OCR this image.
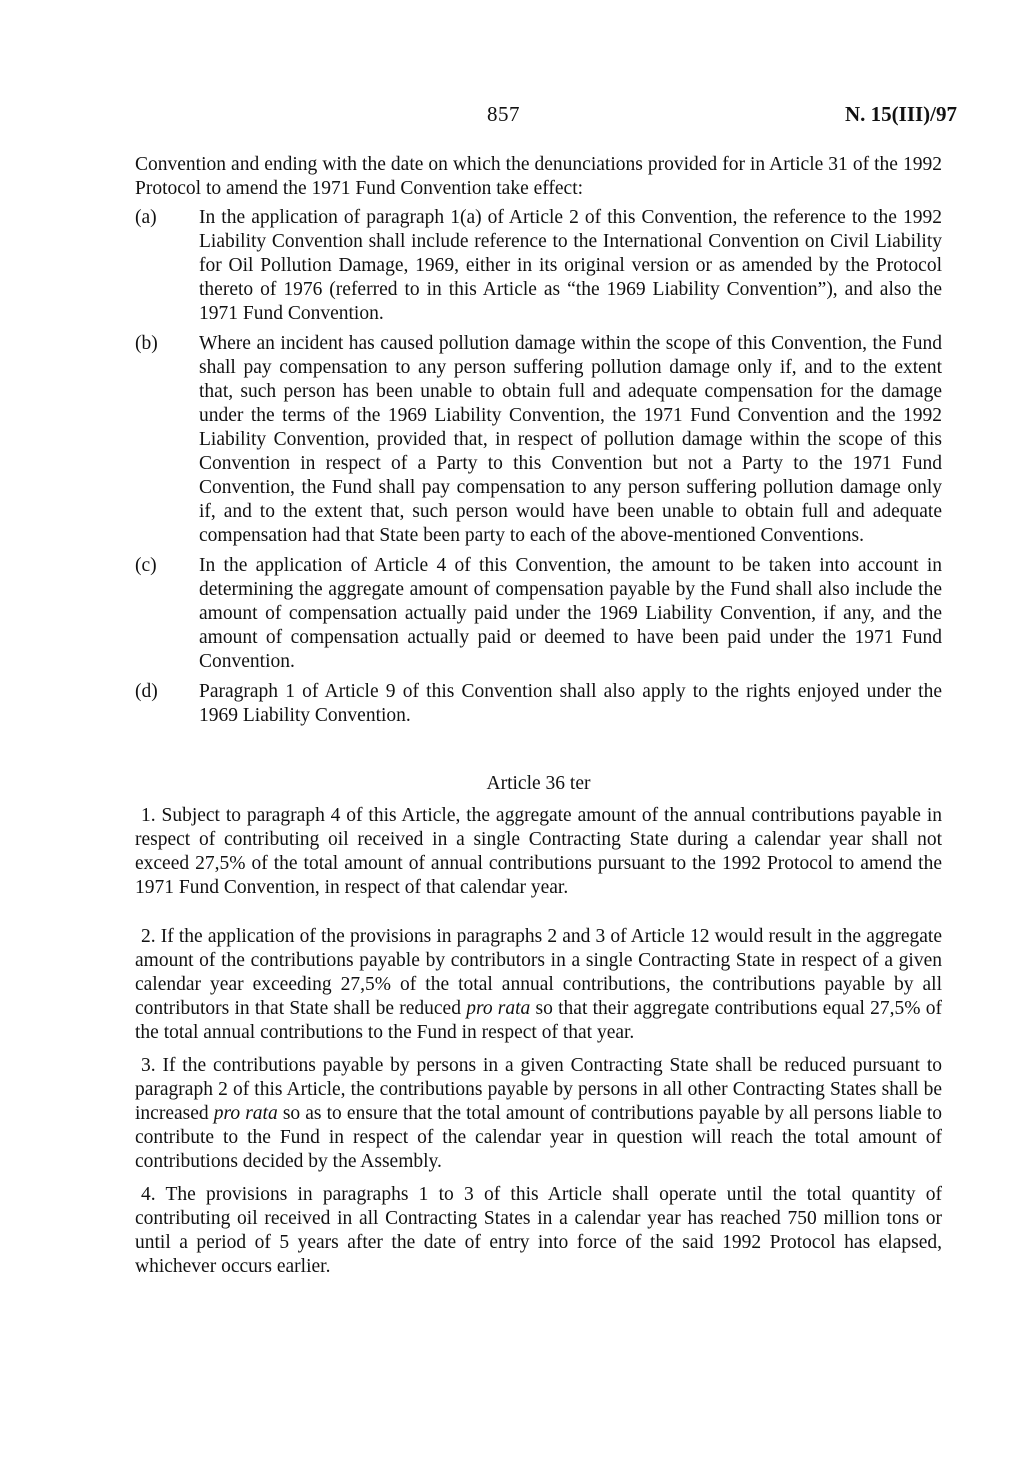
857	N. 15(III)/97

Convention and ending with the date on which the denunciations provided for in Article 31 of the 1992 Protocol to amend the 1971 Fund Convention take effect:

(a) In the application of paragraph 1(a) of Article 2 of this Convention, the reference to the 1992 Liability Convention shall include reference to the International Convention on Civil Liability for Oil Pollution Damage, 1969, either in its original version or as amended by the Protocol thereto of 1976 (referred to in this Article as “the 1969 Liability Convention”), and also the 1971 Fund Convention.
(b) Where an incident has caused pollution damage within the scope of this Convention, the Fund shall pay compensation to any person suffering pollution damage only if, and to the extent that, such person has been unable to obtain full and adequate compensation for the damage under the terms of the 1969 Liability Convention, the 1971 Fund Convention and the 1992 Liability Convention, provided that, in respect of pollution damage within the scope of this Convention in respect of a Party to this Convention but not a Party to the 1971 Fund Convention, the Fund shall pay compensation to any person suffering pollution damage only if, and to the extent that, such person would have been unable to obtain full and adequate compensation had that State been party to each of the above-mentioned Conventions.
(c) In the application of Article 4 of this Convention, the amount to be taken into account in determining the aggregate amount of compensation payable by the Fund shall also include the amount of compensation actually paid under the 1969 Liability Convention, if any, and the amount of compensation actually paid or deemed to have been paid under the 1971 Fund Convention.
(d) Paragraph 1 of Article 9 of this Convention shall also apply to the rights enjoyed under the 1969 Liability Convention.
Article 36 ter

1. Subject to paragraph 4 of this Article, the aggregate amount of the annual contributions payable in respect of contributing oil received in a single Contracting State during a calendar year shall not exceed 27,5% of the total amount of annual contributions pursuant to the 1992 Protocol to amend the 1971 Fund Convention, in respect of that calendar year.

2. If the application of the provisions in paragraphs 2 and 3 of Article 12 would result in the aggregate amount of the contributions payable by contributors in a single Contracting State in respect of a given calendar year exceeding 27,5% of the total annual contributions, the contributions payable by all contributors in that State shall be reduced pro rata so that their aggregate contributions equal 27,5% of the total annual contributions to the Fund in respect of that year.

3. If the contributions payable by persons in a given Contracting State shall be reduced pursuant to paragraph 2 of this Article, the contributions payable by persons in all other Contracting States shall be increased pro rata so as to ensure that the total amount of contributions payable by all persons liable to contribute to the Fund in respect of the calendar year in question will reach the total amount of contributions decided by the Assembly.

4. The provisions in paragraphs 1 to 3 of this Article shall operate until the total quantity of contributing oil received in all Contracting States in a calendar year has reached 750 million tons or until a period of 5 years after the date of entry into force of the said 1992 Protocol has elapsed, whichever occurs earlier.
